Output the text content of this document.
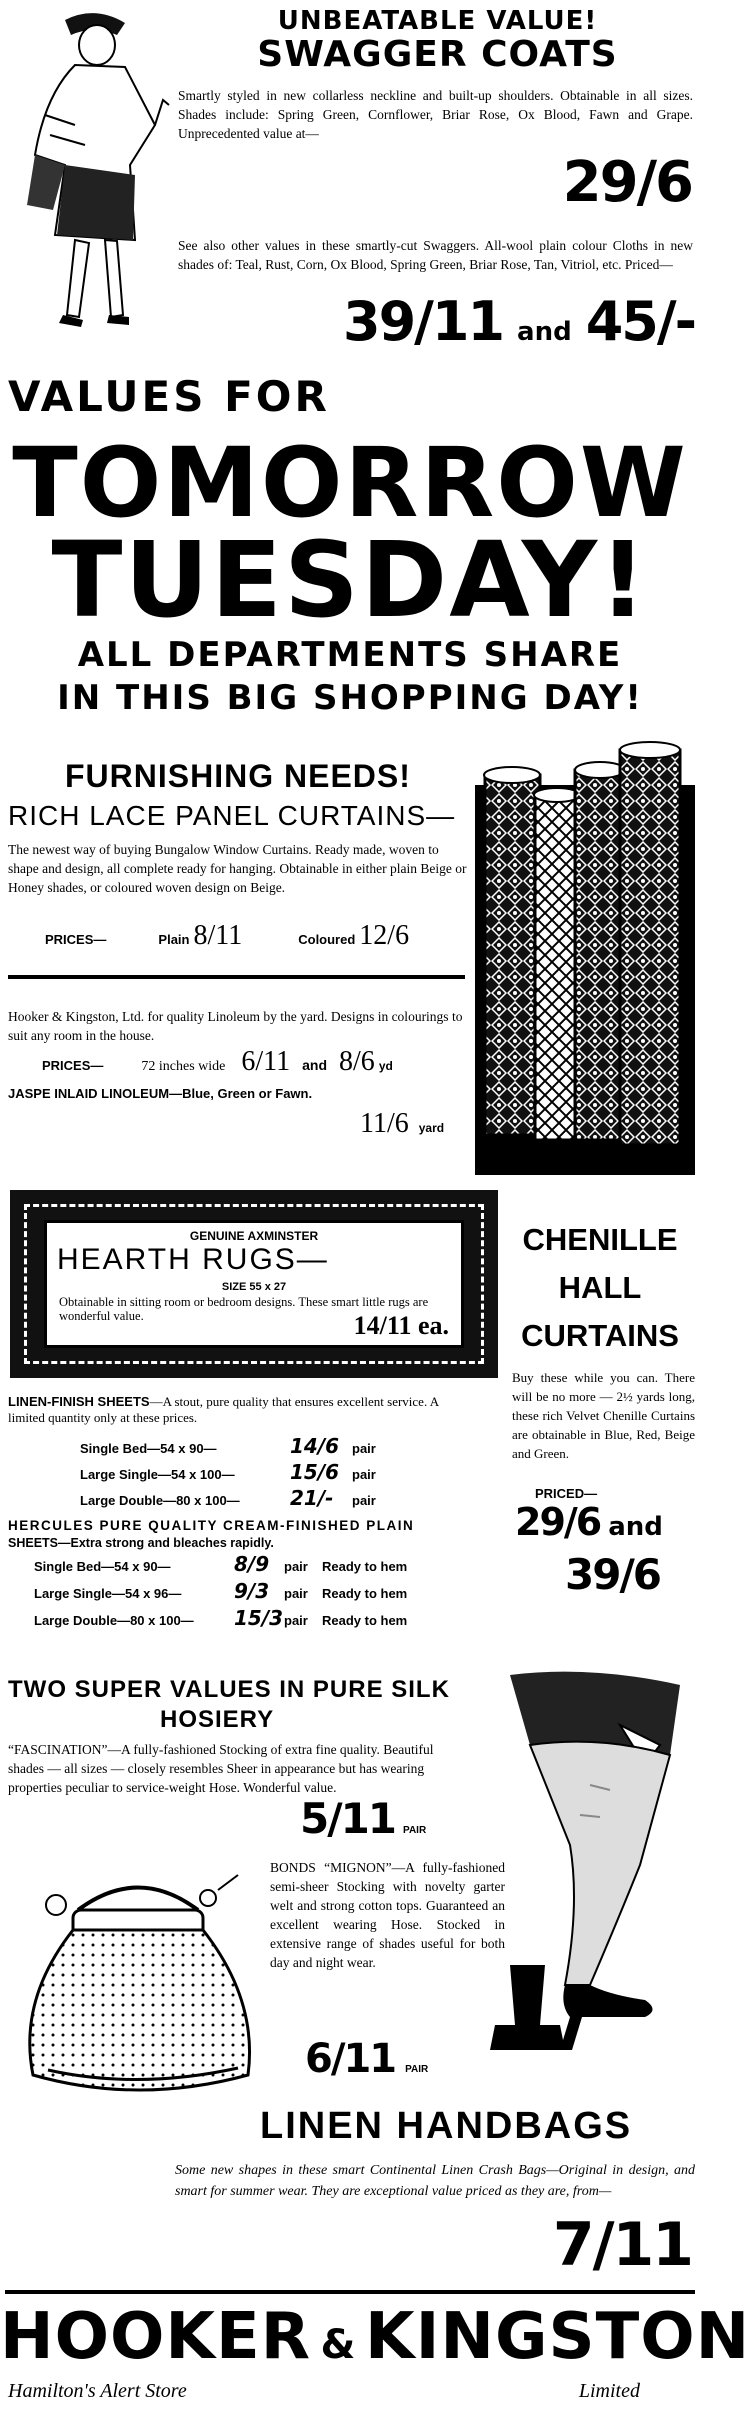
UNBEATABLE VALUE!
SWAGGER COATS
Smartly styled in new collarless neckline and built-up shoulders. Obtainable in all sizes. Shades include: Spring Green, Cornflower, Briar Rose, Ox Blood, Fawn and Grape. Unprecedented value at—
29/6
See also other values in these smartly-cut Swaggers. All-wool plain colour Cloths in new shades of: Teal, Rust, Corn, Ox Blood, Spring Green, Briar Rose, Tan, Vitriol, etc. Priced—
39/11 and 45/-
VALUES FOR
TOMORROW
TUESDAY!
ALL DEPARTMENTS SHARE
IN THIS BIG SHOPPING DAY!
FURNISHING NEEDS!
RICH LACE PANEL CURTAINS—
The newest way of buying Bungalow Window Curtains. Ready made, woven to shape and design, all complete ready for hanging. Obtainable in either plain Beige or Honey shades, or coloured woven design on Beige.
PRICES—	Plain 8/11	Coloured 12/6
Hooker & Kingston, Ltd. for quality Linoleum by the yard. Designs in colourings to suit any room in the house.
PRICES—	72 inches wide 6/11 and 8/6 yd
JASPE INLAID LINOLEUM—Blue, Green or Fawn.
11/6 yard
GENUINE AXMINSTER
HEARTH RUGS—
SIZE 55 x 27
Obtainable in sitting room or bedroom designs. These smart little rugs are wonderful value.	14/11 ea.
CHENILLE
HALL
CURTAINS
Buy these while you can. There will be no more — 2½ yards long, these rich Velvet Chenille Curtains are obtainable in Blue, Red, Beige and Green.
PRICED—
29/6 and
39/6
LINEN-FINISH SHEETS—A stout, pure quality that ensures excellent service. A limited quantity only at these prices.
Single Bed—54 x 90—	14/6 pair
Large Single—54 x 100—	15/6 pair
Large Double—80 x 100—	21/-	pair
HERCULES PURE QUALITY CREAM-FINISHED PLAIN
SHEETS—Extra strong and bleaches rapidly.
Single Bed—54 x 90—	8/9	pair	Ready to hem
Large Single—54 x 96—	9/3	pair	Ready to hem
Large Double—80 x 100—	15/3 pair	Ready to hem
TWO SUPER VALUES IN PURE SILK
HOSIERY
“FASCINATION”—A fully-fashioned Stocking of extra fine quality. Beautiful shades — all sizes — closely resembles Sheer in appearance but has wearing properties peculiar to service-weight Hose. Wonderful value.
5/11 PAIR
BONDS “MIGNON”—A fully-fashioned semi-sheer Stocking with novelty garter welt and strong cotton tops. Guaranteed an excellent wearing Hose. Stocked in extensive range of shades useful for both day and night wear.
6/11 PAIR
LINEN HANDBAGS
Some new shapes in these smart Continental Linen Crash Bags—Original in design, and smart for summer wear. They are exceptional value priced as they are, from—
7/11
HOOKER & KINGSTON
Hamilton's Alert Store	Limited
